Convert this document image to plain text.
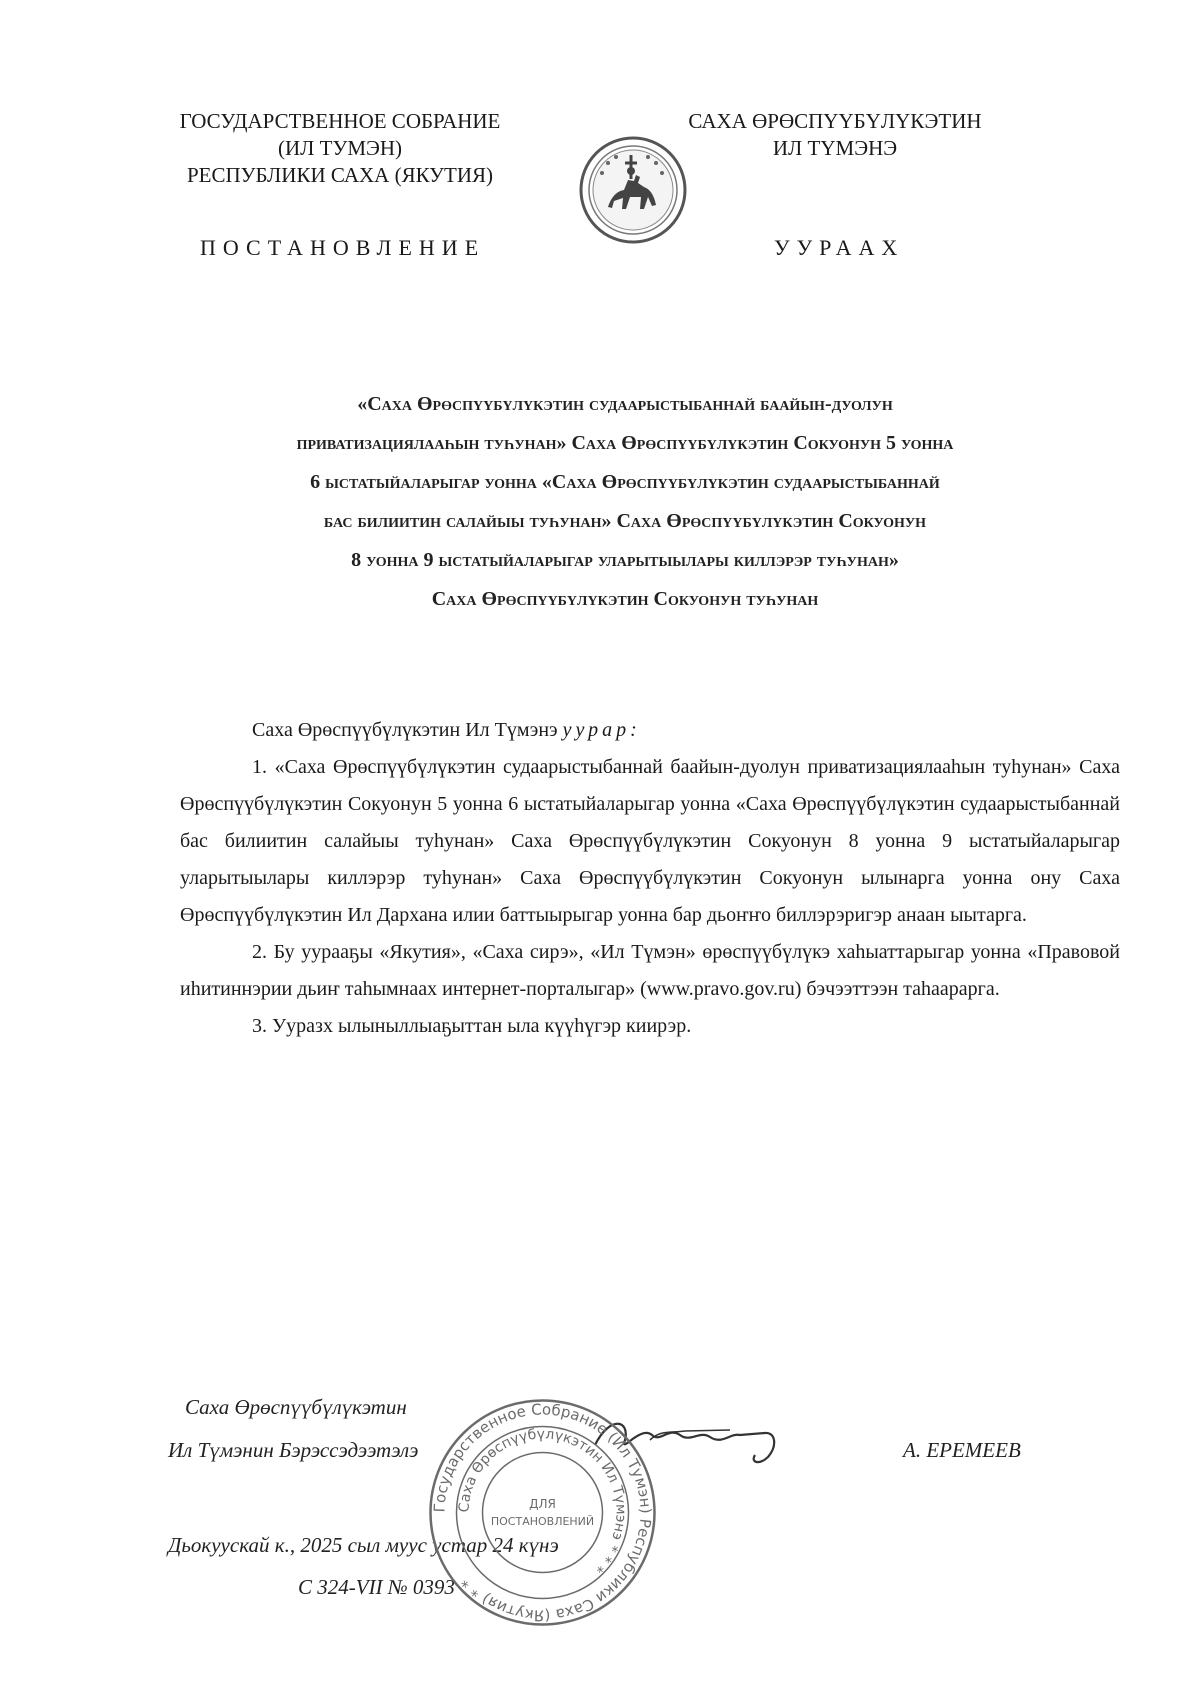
ГОСУДАРСТВЕННОЕ СОБРАНИЕ
(ИЛ ТУМЭН)
РЕСПУБЛИКИ САХА (ЯКУТИЯ)
САХА ӨРӨСПҮҮБҮЛҮКЭТИН
ИЛ ТҮМЭНЭ
ПОСТАНОВЛЕНИЕ	УУРААХ
«Саха Өрөспүүбүлүкэтин судаарыстыбаннай баайын-дуолун
приватизациялааһын туһунан» Саха Өрөспүүбүлүкэтин Сокуонун 5 уонна
6 ыстатыйаларыгар уонна «Саха Өрөспүүбүлүкэтин судаарыстыбаннай
бас билиитин салайыы туһунан» Саха Өрөспүүбүлүкэтин Сокуонун
8 уонна 9 ыстатыйаларыгар уларытыылары киллэрэр туһунан»
Саха Өрөспүүбүлүкэтин Сокуонун туһунан

Саха Өрөспүүбүлүкэтин Ил Түмэнэ уурар:

1. «Саха Өрөспүүбүлүкэтин судаарыстыбаннай баайын-дуолун приватизациялааһын туһунан» Саха Өрөспүүбүлүкэтин Сокуонун 5 уонна 6 ыстатыйаларыгар уонна «Саха Өрөспүүбүлүкэтин судаарыстыбаннай бас билиитин салайыы туһунан» Саха Өрөспүүбүлүкэтин Сокуонун 8 уонна 9 ыстатыйаларыгар уларытыылары киллэрэр туһунан» Саха Өрөспүүбүлүкэтин Сокуонун ылынарга уонна ону Саха Өрөспүүбүлүкэтин Ил Дархана илии баттыырыгар уонна бар дьоҥҥо биллэрэригэр анаан ыытарга.

2. Бу уурааҕы «Якутия», «Саха сирэ», «Ил Түмэн» өрөспүүбүлүкэ хаһыаттарыгар уонна «Правовой иһитиннэрии дьиҥ таһымнаах интернет-порталыгар» (www.pravo.gov.ru) бэчээттээн таһаарарга.

3. Ууразх ылыныллыаҕыттан ыла күүһүгэр киирэр.

Саха Өрөспүүбүлүкэтин
Ил Түмэнин Бэрэссэдээтэлэ	А. ЕРЕМЕЕВ
Дьокуускай к., 2025 сыл муус устар 24 күнэ
С 324-VII № 0393
Государственное Собрание (Ил Тумэн) Республики Саха (Якутия) * *
Саха Өрөспүүбүлүкэтин Ил Түмэнэ * * *
ДЛЯ
ПОСТАНОВЛЕНИЙ
